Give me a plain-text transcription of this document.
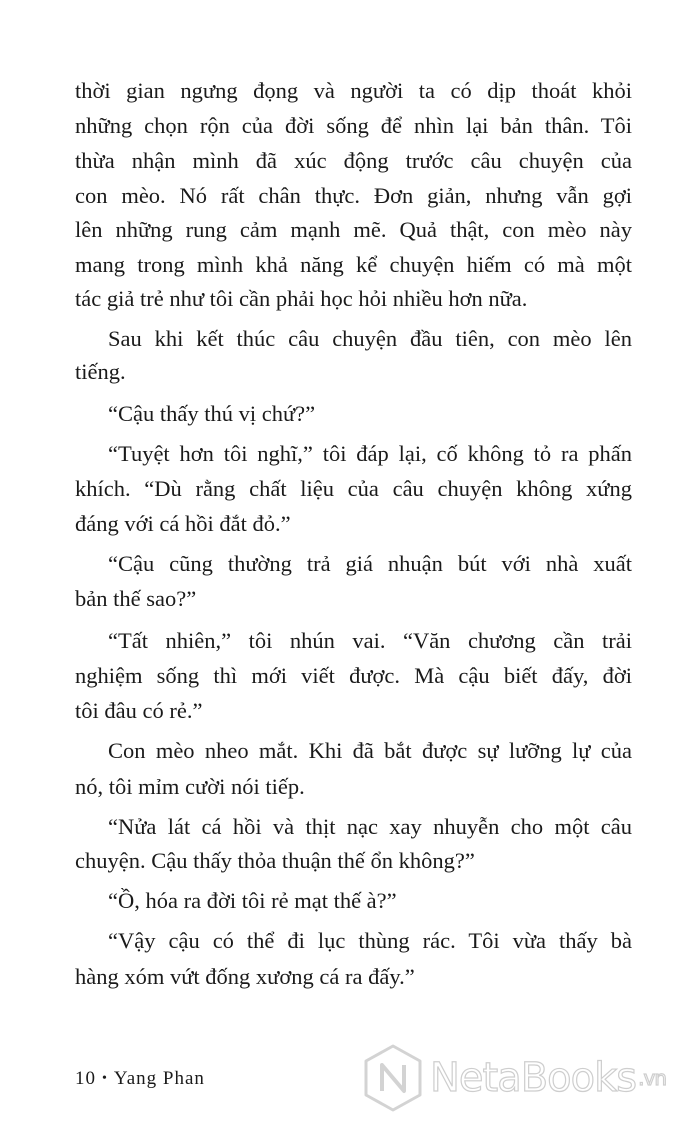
thời gian ngưng đọng và người ta có dịp thoát khỏi
những chọn rộn của đời sống để nhìn lại bản thân. Tôi
thừa nhận mình đã xúc động trước câu chuyện của
con mèo. Nó rất chân thực. Đơn giản, nhưng vẫn gợi
lên những rung cảm mạnh mẽ. Quả thật, con mèo này
mang trong mình khả năng kể chuyện hiếm có mà một
tác giả trẻ như tôi cần phải học hỏi nhiều hơn nữa.
Sau khi kết thúc câu chuyện đầu tiên, con mèo lên
tiếng.
“Cậu thấy thú vị chứ?”
“Tuyệt hơn tôi nghĩ,” tôi đáp lại, cố không tỏ ra phấn
khích. “Dù rằng chất liệu của câu chuyện không xứng
đáng với cá hồi đắt đỏ.”
“Cậu cũng thường trả giá nhuận bút với nhà xuất
bản thế sao?”
“Tất nhiên,” tôi nhún vai. “Văn chương cần trải
nghiệm sống thì mới viết được. Mà cậu biết đấy, đời
tôi đâu có rẻ.”
Con mèo nheo mắt. Khi đã bắt được sự lưỡng lự của
nó, tôi mỉm cười nói tiếp.
“Nửa lát cá hồi và thịt nạc xay nhuyễn cho một câu
chuyện. Cậu thấy thỏa thuận thế ổn không?”
“Ồ, hóa ra đời tôi rẻ mạt thế à?”
“Vậy cậu có thể đi lục thùng rác. Tôi vừa thấy bà
hàng xóm vứt đống xương cá ra đấy.”
10 • Yang Phan	NetaBooks .vn
